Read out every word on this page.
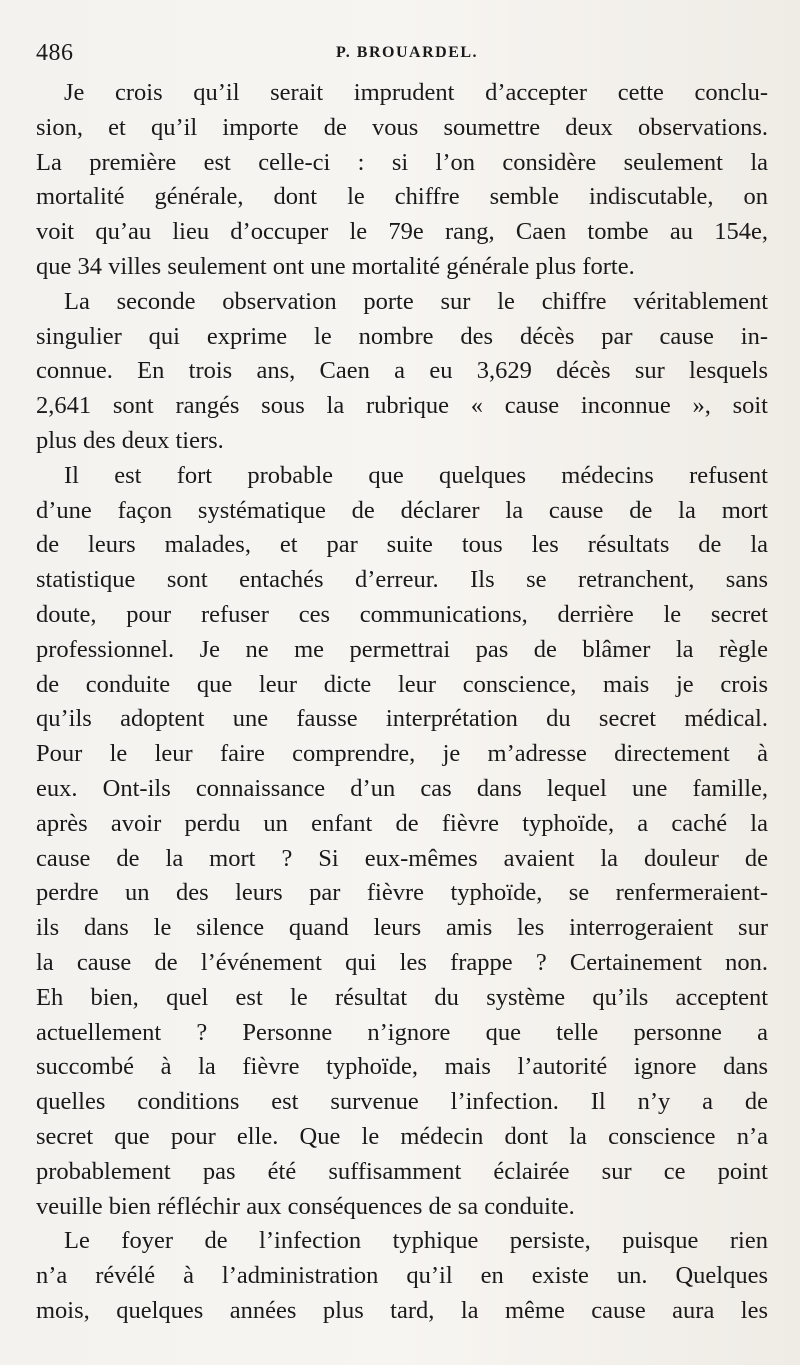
486	P. BROUARDEL.
Je crois qu’il serait imprudent d’accepter cette conclu-
sion, et qu’il importe de vous soumettre deux observations.
La première est celle-ci : si l’on considère seulement la
mortalité générale, dont le chiffre semble indiscutable, on
voit qu’au lieu d’occuper le 79e rang, Caen tombe au 154e,
que 34 villes seulement ont une mortalité générale plus forte.
La seconde observation porte sur le chiffre véritablement
singulier qui exprime le nombre des décès par cause in-
connue. En trois ans, Caen a eu 3,629 décès sur lesquels
2,641 sont rangés sous la rubrique « cause inconnue », soit
plus des deux tiers.
Il est fort probable que quelques médecins refusent
d’une façon systématique de déclarer la cause de la mort
de leurs malades, et par suite tous les résultats de la
statistique sont entachés d’erreur. Ils se retranchent, sans
doute, pour refuser ces communications, derrière le secret
professionnel. Je ne me permettrai pas de blâmer la règle
de conduite que leur dicte leur conscience, mais je crois
qu’ils adoptent une fausse interprétation du secret médical.
Pour le leur faire comprendre, je m’adresse directement à
eux. Ont-ils connaissance d’un cas dans lequel une famille,
après avoir perdu un enfant de fièvre typhoïde, a caché la
cause de la mort ? Si eux-mêmes avaient la douleur de
perdre un des leurs par fièvre typhoïde, se renfermeraient-
ils dans le silence quand leurs amis les interrogeraient sur
la cause de l’événement qui les frappe ? Certainement non.
Eh bien, quel est le résultat du système qu’ils acceptent
actuellement ? Personne n’ignore que telle personne a
succombé à la fièvre typhoïde, mais l’autorité ignore dans
quelles conditions est survenue l’infection. Il n’y a de
secret que pour elle. Que le médecin dont la conscience n’a
probablement pas été suffisamment éclairée sur ce point
veuille bien réfléchir aux conséquences de sa conduite.
Le foyer de l’infection typhique persiste, puisque rien
n’a révélé à l’administration qu’il en existe un. Quelques
mois, quelques années plus tard, la même cause aura les
